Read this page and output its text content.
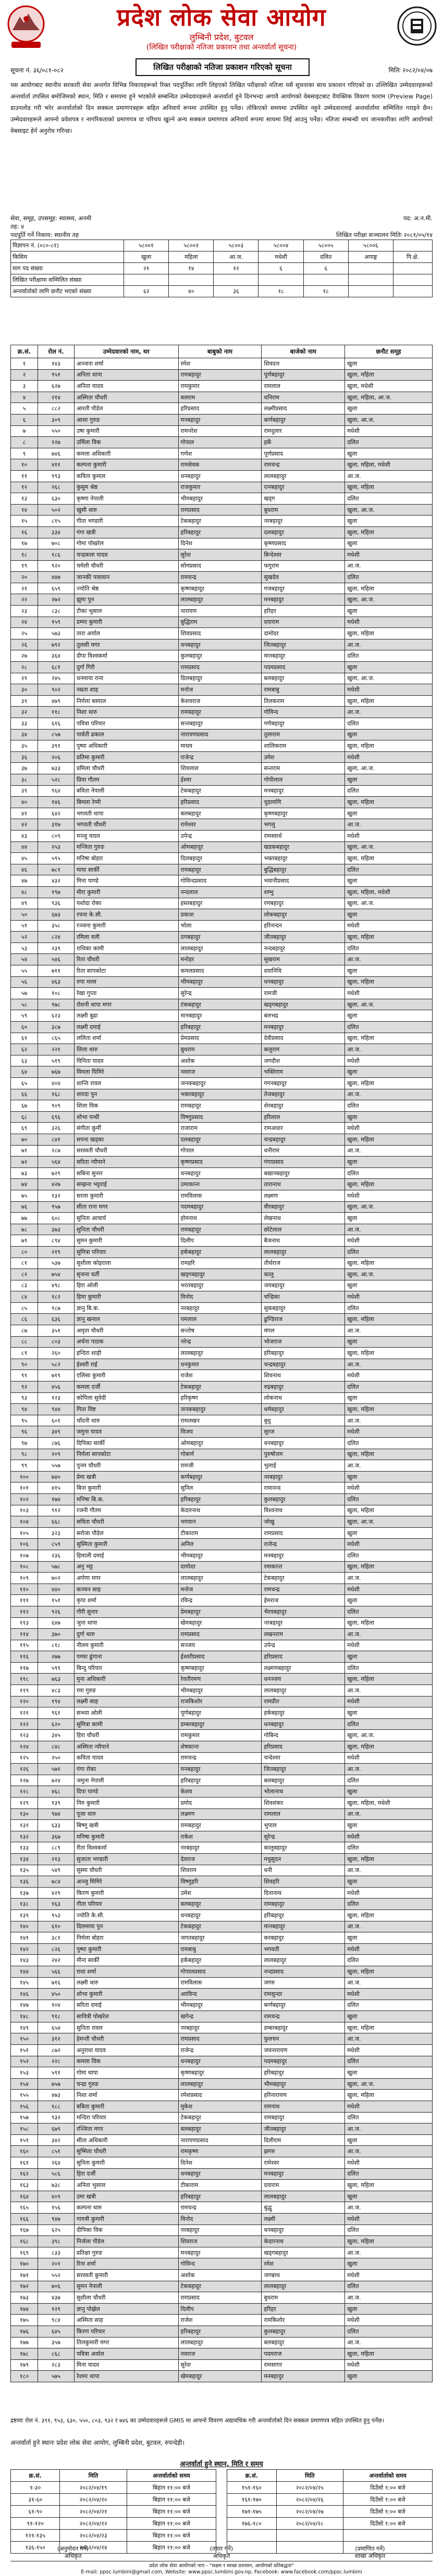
प्रदेश लोक सेवा आयोग
लुम्बिनी प्रदेश, बुटवल
(लिखित परीक्षाको नतिजा प्रकाशन तथा अन्तर्वार्ता सूचना)
लिखित परीक्षाको नतिजा प्रकाशन गरिएको सूचना
सूचना नं. ३६/०८१-०८२	मितिः २०८२/०४/०७
यस आयोगबाट स्थानीय सरकारी सेवा अन्तर्गत विभिन्न निकायहरूको रिक्त पदपूर्तिका लागि लिइएको लिखित परीक्षाको नतिजा यसै सूचनाका साथ प्रकाशन गरिएको छ। उल्लिखित उम्मेदवारहरूको अन्तर्वार्ता तपसिल बमोजिमको स्थान, मिति र समयमा हुने भएकोले सम्बन्धित उम्मेदवारहरूले अन्तर्वार्ता हुने दिनभन्दा अगावै आयोगको वेबसाइटबाट वैयक्तिक विवरण फाराम (Preview Page) डाउनलोड गरी भरेर अन्तर्वार्ताको दिन सक्कल प्रमाणपत्रहरू सहित अनिवार्य रूपमा उपस्थित हुनु पर्नेछ। तोकिएको समयमा उपस्थित नहुने उम्मेदवारलाई अन्तर्वार्तामा सम्मिलित गराइने छैन। उम्मेदवारहरूले आफ्नो प्रवेशपत्र र नागरिकताको प्रमाणपत्र वा परिचय खुल्ने अन्य सक्कल प्रमाणपत्र अनिवार्य रूपमा साथमा लिई आउनु पर्नेछ। नतिजा सम्बन्धी थप जानकारीका लागि आयोगको वेबसाइट हेर्न अनुरोध गरिन्छ।
सेवा, समूह, उपसमूह: स्वास्थ्य, अनमी	पद: अ.न.मी.
तह: ४
पदपूर्ति गर्ने निकाय: स्थानीय तह	लिखित परीक्षा सञ्चालन मितिः २०८१/०५/१४
विज्ञापन नं. (०८०-८१)	५८००१	५८००२	५८००३	५८००४	५८००५	५८००६	
किसिम	खुला	महिला	आ.ज.	मधेशी	दलित	अपाङ्ग	पि.क्षे.
माग पद संख्या	२१	१४	१२	६	६		
लिखित परीक्षामा सम्मिलित संख्या							
अन्तर्वार्ताको लागि छनौट भएको संख्या	६२	४०	३६	१८	१८		
क्र.सं.	रोल नं.	उम्मेदवारको नाम, थर	बाबुको नाम	बाजेको नाम	छनौट समूह
१	१४३	अञ्जना शर्मा	रमेश	शिवदत्त	खुला
२	९५१	अनिता थापा	रामबहादुर	पूर्णबहादुर	खुला, महिला
३	६२७	अनिता यादव	रामकुमार	रामलाल	खुला, मधेशी
४	२१४	अस्मिता चौधरी	बलराम	धनिराम	खुला, महिला, आ.ज.
५	८८२	आरती पौडेल	हरिप्रसाद	लक्ष्मीप्रसाद	खुला
६	३०९	आशा गुरुङ	मनबहादुर	कर्णबहादुर	खुला, आ.ज.
७	५५०	उषा कुमारी	रामनरेश	रामदुलार	मधेशी
८	१२७	उर्मिला विक	गोपाल	हर्के	दलित
९	७४६	कमला अधिकारी	गणेश	पूर्णप्रसाद	खुला
१०	४११	कल्पना कुमारी	रामसेवक	रामचन्द्र	खुला, महिला, मधेशी
११	९९३	कविता कुमाल	धनबहादुर	लालबहादुर	आ.ज.
१२	२६८	कुसुम श्रेष्ठ	राजकुमार	रत्नबहादुर	खुला, महिला
१३	६३०	कृष्णा नेपाली	भीमबहादुर	खड्ग	दलित
१४	५०२	खुसी थारु	रामप्रसाद	बुधराम	खुला, आ.ज.
१५	८१५	गीता भण्डारी	टेकबहादुर	नरबहादुर	खुला
१६	३३४	गंगा खत्री	हरिबहादुर	दलबहादुर	खुला, महिला
१७	७०८	गोमा पोखरेल	दिनेश	कृष्णप्रसाद	खुला
१८	१८६	चन्द्रकला यादव	सुरेश	बिन्देश्वर	मधेशी
१९	९२०	चमेली चौधरी	सोमप्रसाद	फगुराम	आ.ज.
२०	४४७	जानकी पासवान	रामचन्द्र	सुखदेव	दलित
२१	६५९	ज्योति श्रेष्ठ	कृष्णबहादुर	गजबहादुर	खुला, महिला
२२	२७२	झुमा पुन	लालबहादुर	मनबहादुर	खुला, आ.ज.
२३	८३८	टीका भुसाल	नारायण	हरिहर	खुला
२४	१५९	डम्मर कुमारी	बुद्धिराम	दयाराम	मधेशी
२५	५७३	तारा अर्याल	शिवप्रसाद	दामोदर	खुला, महिला
२६	७९२	तुलसी मगर	धनबहादुर	जितबहादुर	आ.ज.
२७	३६४	दीपा विश्वकर्मा	कुलबहादुर	मानबहादुर	दलित
२८	६८१	दुर्गा गिरी	रामप्रसाद	पदमप्रसाद	खुला
२९	२४५	धनमाया राना	डिलबहादुर	बलबहादुर	खुला, आ.ज.
३०	९०२	नम्रता शाह	मनोज	रामबाबु	मधेशी
३१	४७९	निर्मला बस्याल	केशवराज	तिलकराम	खुला, महिला
३२	११८	निशा थारु	रामबहादुर	गोविन्द	आ.ज.
३३	६१६	पवित्रा परियार	सन्तबहादुर	गणेबहादुर	दलित
३४	८५७	पार्वती ढकाल	नारायणप्रसाद	तुलाराम	खुला
३५	३९१	पुष्पा अधिकारी	माधव	शालिकराम	खुला, महिला
३६	२०६	प्रतिमा कुमारी	राजेन्द्र	उमेश	मधेशी
३७	७३३	प्रमिला चौधरी	शिवलाल	सन्तराम	खुला, आ.ज.
३८	५२८	प्रिया गौतम	ईश्वर	गोपीलाल	खुला
३९	९६४	बविता नेपाली	टेकबहादुर	मनबहादुर	दलित
४०	१४६	बिमला रेग्मी	हरिप्रसाद	चुडामणि	खुला, महिला
४१	६४२	भगवती थापा	बलबहादुर	कृष्णबहादुर	खुला
४२	३१७	भगवती चौधरी	रामेश्वर	भगलु	आ.ज.
४३	८०९	मञ्जु यादव	उपेन्द्र	रामस्वार्थ	मधेशी
४४	२५३	मन्जिता गुरुङ	ओमबहादुर	खडकबहादुर	खुला, आ.ज.
४५	५९५	मनिषा बोहरा	दिलबहादुर	भक्तबहादुर	खुला, महिला
४६	७८१	माया सार्की	रामबहादुर	बुद्धिबहादुर	दलित
४७	४३२	मिना पाण्डे	गोविन्दप्रसाद	भवानीप्रसाद	खुला
४८	१९७	मीरा कुमारी	नन्दलाल	शम्भु	खुला, महिला, मधेशी
४९	९३६	यशोदा रोका	हस्तबहादुर	रणबहादुर	खुला, आ.ज.
५०	६७३	रचना के.सी.	प्रकाश	लोकबहादुर	खुला
५१	३५८	रञ्जना कुमारी	भोला	हरिनन्दन	मधेशी
५२	८२४	रमिला वली	ठगबहादुर	जीतबहादुर	खुला, महिला
५३	२३९	राधिका कामी	लालबहादुर	नन्दबहादुर	दलित
५४	५४६	रिता चौधरी	मनोहर	सुखराम	आ.ज.
५५	७११	रिता सापकोटा	कमलप्रसाद	दयानिधि	खुला
५६	४६३	रुपा मल्ल	भीमबहादुर	धनबहादुर	खुला, महिला
५७	१०८	रेखा गुप्ता	सुरेन्द्र	रामजी	मधेशी
५८	९७८	रोशनी थापा मगर	टंकबहादुर	खड्गबहादुर	खुला, आ.ज.
५९	६२३	लक्ष्मी बुढा	मानबहादुर	बलभद्र	खुला
६०	३८७	लक्ष्मी दमाई	हरिबहादुर	मनबहादुर	दलित
६१	८६५	ललिता शर्मा	प्रेमप्रसाद	देवीप्रसाद	खुला, महिला
६२	२२१	लिला थारु	बुधराम	कलुराम	आ.ज.
६३	५१९	विनिता यादव	अशोक	जगदीश	मधेशी
६४	७६७	विमला घिमिरे	नवराज	भक्तिराम	खुला
६५	४०४	शान्ति रावल	जनकबहादुर	गगनबहादुर	खुला, महिला
६६	१६८	शारदा पुन	भक्तबहादुर	तेजबहादुर	आ.ज.
६७	९०९	शिला विक	रामबहादुर	शेरबहादुर	दलित
६८	६९६	शोभा पन्थी	विष्णुप्रसाद	हरिलाल	खुला
६९	३२६	संगीता कुर्मी	राजाराम	रामअधार	मधेशी
७०	८४१	सपना खड्का	दलबहादुर	चन्द्रबहादुर	खुला, महिला
७१	२८७	सरस्वती चौधरी	गोपाल	धनीराम	आ.ज.
७२	५६४	सरिता न्यौपाने	कृष्णप्रसाद	गंगाप्रसाद	खुला
७३	७२९	सबिना सुनार	धनबहादुर	बखानबहादुर	दलित
७४	४२७	सम्झना भट्टराई	उमाकान्त	तारानाथ	खुला, महिला
७५	१३२	सरला कुमारी	रामविलास	लक्ष्मण	मधेशी
७६	९५७	सीता राना मगर	पदमबहादुर	वीरबहादुर	खुला, आ.ज.
७७	६०८	सुनिता आचार्य	होमनाथ	लेखनाथ	खुला
७८	३७३	सुनिता चौधरी	रामबहादुर	छोटेलाल	आ.ज.
७९	८९४	सुमन कुमारी	दिलीप	बैजनाथ	मधेशी
८०	२१९	सुमित्रा परियार	हर्कबहादुर	लालबहादुर	दलित
८१	५३७	सुशीला कोइराला	रामहरि	तीर्थराज	खुला, महिला
८२	७५४	सृजना घर्ती	खड्गबहादुर	कालु	खुला, आ.ज.
८३	४९८	हिरा ओली	भरतबहादुर	जयबहादुर	खुला
८४	१८२	हिमा कुमारी	विनोद	चन्द्रिका	मधेशी
८५	९८७	ज्ञानु बि.क.	नरबहादुर	सुकबहादुर	दलित
८६	६३६	ज्ञानु खनाल	यमलाल	ढुण्डिराज	खुला, महिला
८७	३५१	अमृता चौधरी	सन्तोष	मंगल	आ.ज.
८८	८०३	अर्चना पाठक	नरेन्द्र	भोजराज	खुला
८९	२६०	इन्दिरा शाही	लालबहादुर	हरिबहादुर	खुला, महिला
९०	५८२	ईश्वरी राई	धनकुमार	चन्द्रबहादुर	आ.ज.
९१	७१९	एलिसा कुमारी	राजेश	शिवनाथ	मधेशी
९२	४५६	कमला दर्जी	टेकबहादुर	रुद्रबहादुर	दलित
९३	१२३	कोपिला सुवेदी	हरिकृष्ण	लोकनाथ	खुला
९४	९४४	गिता विष्ट	जनकबहादुर	धर्मबहादुर	खुला, महिला
९५	६०१	चाँदनी थारु	रामलखन	बुधु	आ.ज.
९६	३४९	जमुना यादव	विजय	सुरज	मधेशी
९७	८७६	दिपिका सार्की	ओमबहादुर	धनबहादुर	दलित
९८	२०९	निर्मला सापकोटा	गोकर्ण	पुरुषोत्तम	खुला, महिला
९९	५५७	पुनम चौधरी	रामजी	भुलाई	आ.ज.
१००	७४०	प्रेमा खत्री	कर्णबहादुर	नरबहादुर	खुला
१०१	४१५	बिना कुमारी	सुनिल	रामानन्द	मधेशी
१०२	१७४	मनिषा बि.क.	हरिबहादुर	कुलबहादुर	दलित
१०३	९१२	रजनी गौतम	केदारनाथ	विश्वनाथ	खुला, महिला
१०४	६६८	सविता चौधरी	भगवान	जोखु	खुला, आ.ज.
१०५	३२३	सरोजा पौडेल	टीकाराम	रामप्रसाद	खुला
१०६	८५९	सुस्मिता कुमारी	अनिल	राजेन्द्र	मधेशी
१०७	२३६	हिमाली दमाई	भीमबहादुर	मनबहादुर	दलित
१०८	५७८	अनु भट्ट	दामोदर	रमाकान्त	खुला, महिला
१०९	७०२	अर्पणा मगर	लालबहादुर	टेकबहादुर	आ.ज.
११०	४४०	कञ्चन साह	मनोज	रामचन्द्र	मधेशी
१११	१५१	कृपा शर्मा	रविन्द्र	हेमराज	खुला
११२	९२६	गौरी सुनार	प्रेमबहादुर	भैरवबहादुर	दलित
११३	६४७	जुना थापा	खेमबहादुर	नरबहादुर	खुला, महिला
११४	३७०	दुर्गा थारु	रामप्रसाद	लखनराम	आ.ज.
११५	८१८	नीलम कुमारी	सञ्जय	उपेन्द्र	मधेशी
११६	२७७	पम्फा ढुंगाना	ईश्वरीप्रसाद	हरिप्रसाद	खुला
११७	५९९	बिन्दु परियार	कृष्णबहादुर	लक्ष्मणबहादुर	दलित
११८	७६३	मुना अधिकारी	रेवतीरमण	धनञ्जय	खुला, महिला
११९	४८३	रमा गुरुङ	भीमबहादुर	लालबहादुर	आ.ज.
१२०	१९४	लक्ष्मी साह	राजकिशोर	रामप्रीत	मधेशी
१२१	९६१	सन्ध्या ओली	पूर्णबहादुर	हर्कबहादुर	खुला
१२२	६२०	सुमित्रा कामी	डम्बरबहादुर	धनबहादुर	दलित
१२३	३४५	हिरा चौधरी	रामकुमार	गोबिन्द	खुला, आ.ज.
१२४	८४८	अस्मिता न्यौपाने	शेषकान्त	हरिप्रसाद	खुला, महिला
१२५	२५०	कविता यादव	रामचन्द्र	चन्देश्वर	मधेशी
१२६	५७१	गंगा रोका	मनबहादुर	जितबहादुर	आ.ज.
१२७	७२४	जमुना नेपाली	हरिबहादुर	बलबहादुर	दलित
१२८	४६८	दिपा पाण्डे	केशव	भोलानाथ	खुला
१२९	१३९	निरु कुमारी	प्रमोद	शिवशंकर	खुला, महिला, मधेशी
१३०	९७४	पूजा थारु	लक्ष्मण	रामलाल	आ.ज.
१३१	६३३	बिष्णु खत्री	रामबहादुर	भुपाल	खुला
१३२	३६७	मनिषा कुमारी	राकेश	सुरेन्द्र	मधेशी
१३३	८८९	रीता विश्वकर्मा	नरबहादुर	कालुबहादुर	दलित
१३४	२१३	सुजाता भण्डारी	देवराज	मधुसुदन	खुला, महिला
१३५	५४९	सुस्मा चौधरी	शिवराम	धनी	आ.ज.
१३६	७८४	अञ्जु घिमिरे	विष्णुहरि	शिवहरि	खुला
१३७	४२९	किरण कुमारी	उमेश	दिनानाथ	मधेशी
१३८	१६३	गीता परियार	बलबहादुर	रामबहादुर	दलित
१३९	९५३	ज्योति के.सी.	धनबहादुर	हरिबहादुर	खुला, महिला
१४०	६१०	दिलमाया पुन	टेकबहादुर	मानबहादुर	आ.ज.
१४१	३८१	निर्मला बोहरा	जगतबहादुर	करबहादुर	खुला
१४२	८२६	पुष्पा कुमारी	रामबाबु	भगवती	मधेशी
१४३	२४२	मीना सार्की	हर्कबहादुर	लालबहादुर	दलित
१४४	५६६	राधा शर्मा	गोपालप्रसाद	नन्दप्रसाद	खुला, महिला
१४५	७१६	लक्ष्मी थारु	रामविलास	जगरु	आ.ज.
१४६	४५०	शोभा कुमारी	अरविन्द	रामसुन्दर	मधेशी
१४७	१०४	सरिता दमाई	भीमबहादुर	कर्णबहादुर	दलित
१४८	९१८	सावित्री पोखरेल	खगेन्द्र	रामचन्द्र	खुला
१४९	६५४	सुनिता रावल	नरबहादुर	डम्बरबहादुर	खुला, महिला
१५०	३१२	हेमन्ती चौधरी	रामप्रसाद	फुलचन	आ.ज.
१५१	८७२	अनुराधा यादव	राजेन्द्र	जयनारायण	मधेशी
१५२	२२८	कमला विक	धनबहादुर	पदमबहादुर	दलित
१५३	५९१	गोमा थापा	कृष्णबहादुर	हरिबहादुर	खुला
१५४	७५७	चन्द्रा गुरुङ	लालबहादुर	भीमबहादुर	खुला, आ.ज.
१५५	४७३	निशा शर्मा	रमेशप्रसाद	हरिनारायण	खुला, महिला
१५६	१८८	बबिता कुमारी	मुकेश	रामनाथ	मधेशी
१५७	९३२	मन्दिरा परियार	टेकबहादुर	रामबहादुर	दलित
१५८	६७९	रञ्जिता मगर	बलबहादुर	जीतबहादुर	आ.ज.
१५९	३४२	सीता अधिकारी	नारायणप्रसाद	दिलीराम	खुला
१६०	८५१	सुष्मिता चौधरी	रामकृष्ण	झगरु	आ.ज.
१६१	२६४	सुनिता कुमारी	दिनेश	रामेश्वर	मधेशी
१६२	५८६	हिरा दर्जी	धनबहादुर	मनबहादुर	दलित
१६३	७३८	अनिता भुसाल	टीकाराम	दयाराम	खुला, महिला
१६४	४०९	उमा खत्री	हरिबहादुर	लालबहादुर	खुला
१६५	१५६	कल्पना थारु	रामचन्द्र	बुद्धु	आ.ज.
१६६	९४७	गायत्री कुमारी	विनोद	लक्ष्मी	मधेशी
१६७	६२५	दीपिका विक	नरबहादुर	धनबहादुर	दलित
१६८	३९८	निर्जला पौडेल	शिवराज	केदारनाथ	खुला, महिला
१६९	८३३	प्रतिक्षा गुरुङ	मनबहादुर	खड्गबहादुर	आ.ज.
१७०	२०१	रिना शर्मा	गोविन्द	रमेश	खुला
१७१	५५२	सरस्वती कुमारी	अशोक	जगन्नाथ	मधेशी
१७२	७०६	सुमन नेपाली	टेकबहादुर	लालबहादुर	दलित
१७३	४३७	सुशीला चौधरी	रामप्रसाद	बुधराम	आ.ज.
१७४	१२९	ज्ञानु पोख्रेल	दिलीप	हरिहर	खुला
१७५	९८४	अस्मिता साह	राजेश	रामकिशोर	मधेशी
१७६	६४५	किरण परियार	हरिबहादुर	कुलबहादुर	दलित
१७७	३५७	तिलकुमारी मगर	लालबहादुर	बलबहादुर	आ.ज.
१७८	८६८	पवित्रा अर्याल	नवराज	पदमराज	खुला, महिला
१७९	२८३	मिना यादव	सुरेश	रामसागर	मधेशी
१८०	५७५	रेशमा थापा	खेमबहादुर	मनबहादुर	खुला
द्रष्टव्यः रोल नं. ३९१, ९५३, ६३०, ५५०, ८०३, ९३२ र ७४६ का उम्मेदवारहरूले GMIS मा आफ्नो विवरण अद्यावधिक गरी अन्तर्वार्ताको दिन सक्कल प्रमाणपत्र सहित उपस्थित हुनु पर्नेछ।
अन्तर्वार्ता हुने स्थानः प्रदेश लोक सेवा आयोग, लुम्बिनी प्रदेश, बुटवल, रुपन्देही।
अन्तर्वार्ता हुने स्थान, मिति र समय
क्र.सं.	मिति	अन्तर्वार्ताको समय
१-३०	२०८२/०४/१९	बिहान ११:०० बजे
३१-६०	२०८२/०४/२०	बिहान ११:०० बजे
६१-९०	२०८२/०४/२१	बिहान ११:०० बजे
९१-१२०	२०८२/०४/२२	बिहान ११:०० बजे
१२१-१३५	२०८२/०४/२३	बिहान ११:०० बजे
१३६-१५०	२०८२/०४/२४	बिहान ११:०० बजे
क्र.सं.	मिति	अन्तर्वार्ताको समय
१५१-१६०	२०८२/०४/२५	दिउँसो १:०० बजे
१६१-१७०	२०८२/०४/२६	दिउँसो १:०० बजे
१७१-१७५	२०८२/०४/२७	दिउँसो १:०० बजे
१७६-१८०	२०८२/०४/२८	दिउँसो १:०० बजे

(अनुमोदन गर्ने)
अधिकृत
(तयार गर्ने)
अधिकृत
(प्रमाणित गर्ने)
शाखा अधिकृत
प्रदेश लोक सेवा आयोगको नारा - "सक्षम र स्वच्छ प्रशासन, आयोगको प्रतिबद्धता"
E-mail: ppsc.lumbini@gmail.com, Website: www.ppsc.lumbini.gov.np, Facebook: www.facebook.com/ppsc.lumbini
